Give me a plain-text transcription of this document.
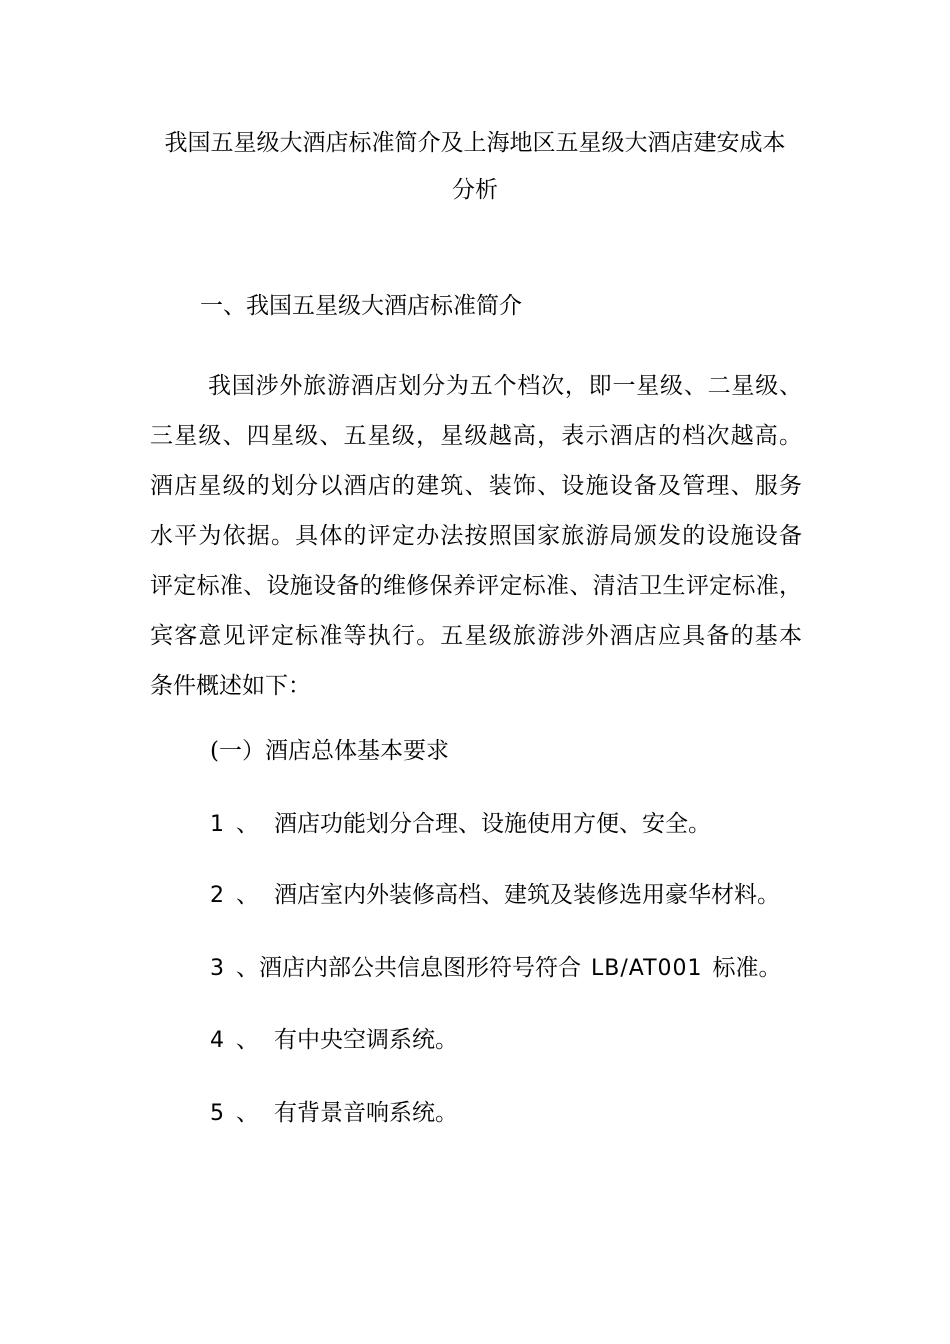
我国五星级大酒店标准简介及上海地区五星级大酒店建安成本
分析
一、我国五星级大酒店标准简介
我国涉外旅游酒店划分为五个档次，即一星级、二星级、
三星级、四星级、五星级，星级越高，表示酒店的档次越高。
酒店星级的划分以酒店的建筑、装饰、设施设备及管理、服务
水平为依据。具体的评定办法按照国家旅游局颁发的设施设备
评定标准、设施设备的维修保养评定标准、清洁卫生评定标准，
宾客意见评定标准等执行。五星级旅游涉外酒店应具备的基本
条件概述如下：
(一）酒店总体基本要求
1 、 酒店功能划分合理、设施使用方便、安全。
2 、 酒店室内外装修高档、建筑及装修选用豪华材料。
3 、酒店内部公共信息图形符号符合 LB/AT001 标准。
4 、 有中央空调系统。
5 、 有背景音响系统。
